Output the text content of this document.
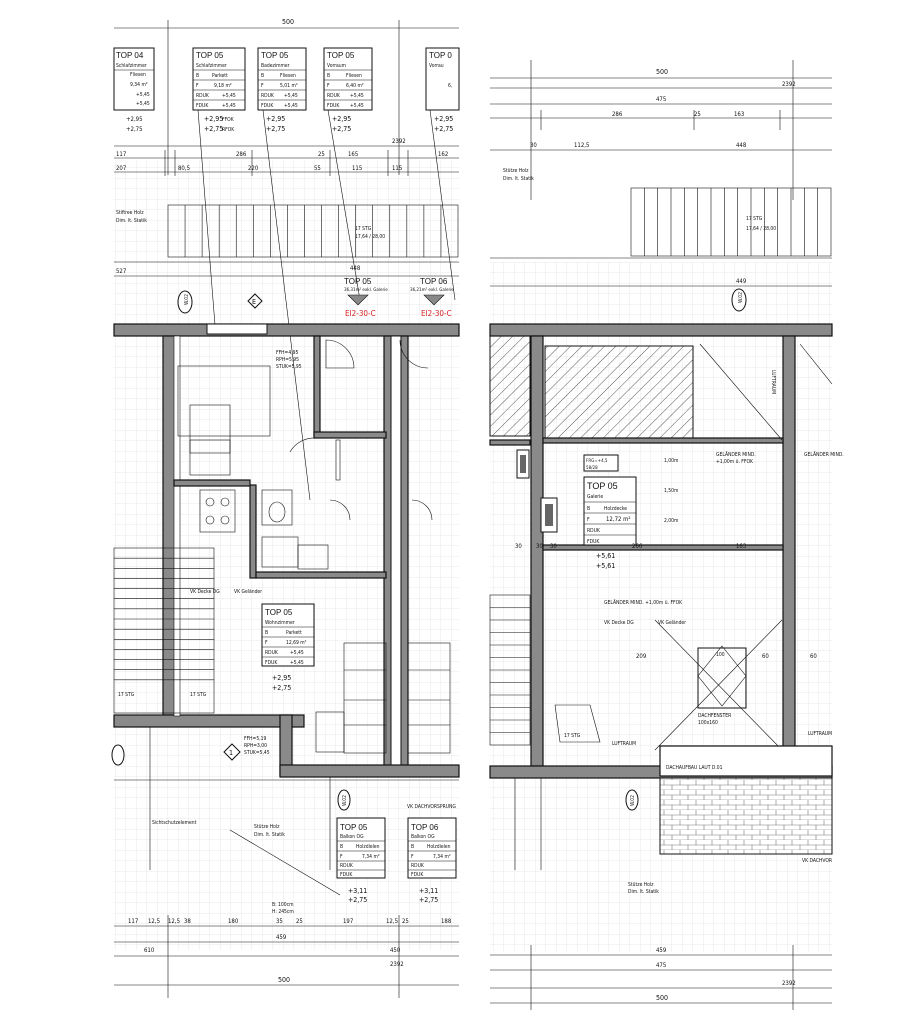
500
2392
117	286	25	165	162
207	80,5	220	55	115	115
TOP 04
Schlafzimmer
Fliesen
9,34 m²
+5,45
+5,45
+2,95
+2,75
TOP 05
Schlafzimmer
B	Parkett
F	9,18 m²
RDUK	+5,45
FDUK	+5,45
+2,95
FFOK
+2,75
RFOK
TOP 05
Badezimmer
B	Fliesen
F	5,01 m²
RDUK +5,45
FDUK +5,45
+2,95
+2,75
TOP 05
Vorraum
B	Fliesen
F	6,40 m²
RDUK +5,45
FDUK +5,45
+2,95
+2,75
TOP 0
Vorrau
6,
+2,95
+2,75
17 STG
17,64 / 28,00
Stiftree Holz
Dim. lt. Statik
527	448
W.02	E
TOP 05
36,31m² exkl. Galerie
EI2-30-C
TOP 06
36,21m² exkl. Galerie
EI2-30-C
FFH=4,95
RPH=5,95
STUK=5,95
17 STG	17 STG
TOP 05
Wohnzimmer
B	Parkett
F	12,69 m²
RDUK +5,45
FDUK	+5,45
+2,95
+2,75
VK Decke DG	VK Geländer
VK DACHVORSPRUNG
Sichtschutzelement
Stütze Holz
Dim. lt. Statik
FFH=5,19
RPH=3,00
STUK=5,45
B: 100cm
H: 245cm
1
W.02
TOP 05
Balkon OG
B	Holzdielen
F	7,34 m²
RDUK
FDUK
+3,11
+2,75
TOP 06
Balkon OG
B	Holzdielen
F	7,34 m²
RDUK
FDUK
+3,11
+2,75
117 12,5 12,5 38	180	35 25	197	12,5 25	188
610
459
450
2392
500
500
2392
475
286	25	163
30	112,5	448
Stütze Holz
Dim. lt. Statik
17 STG
17,64 / 28,00
449
W.02
LUFTRAUM
GELÄNDER MIND.
+1,00m ü. FFOK
GELÄNDER MIND.
GELÄNDER MIND. +1,00m ü. FFOK
FRG=+4,5
58/28
TOP 05
Galerie
B	Holzdecke
F	12,72 m²
RDUK
FDUK
+5,61
+5,61
30 30 30	266	163
1,00m
1,50m
2,00m
209	60	60
VK Decke DG	VK Geländer
100
DACHFENSTER
100x160
LUFTRAUM
LUFTRAUM
17 STG
DACHAUFBAU LAUT D.01
VK DACHVOR
W.02
Stütze Holz
Dim. lt. Statik
459
475
2392
500
